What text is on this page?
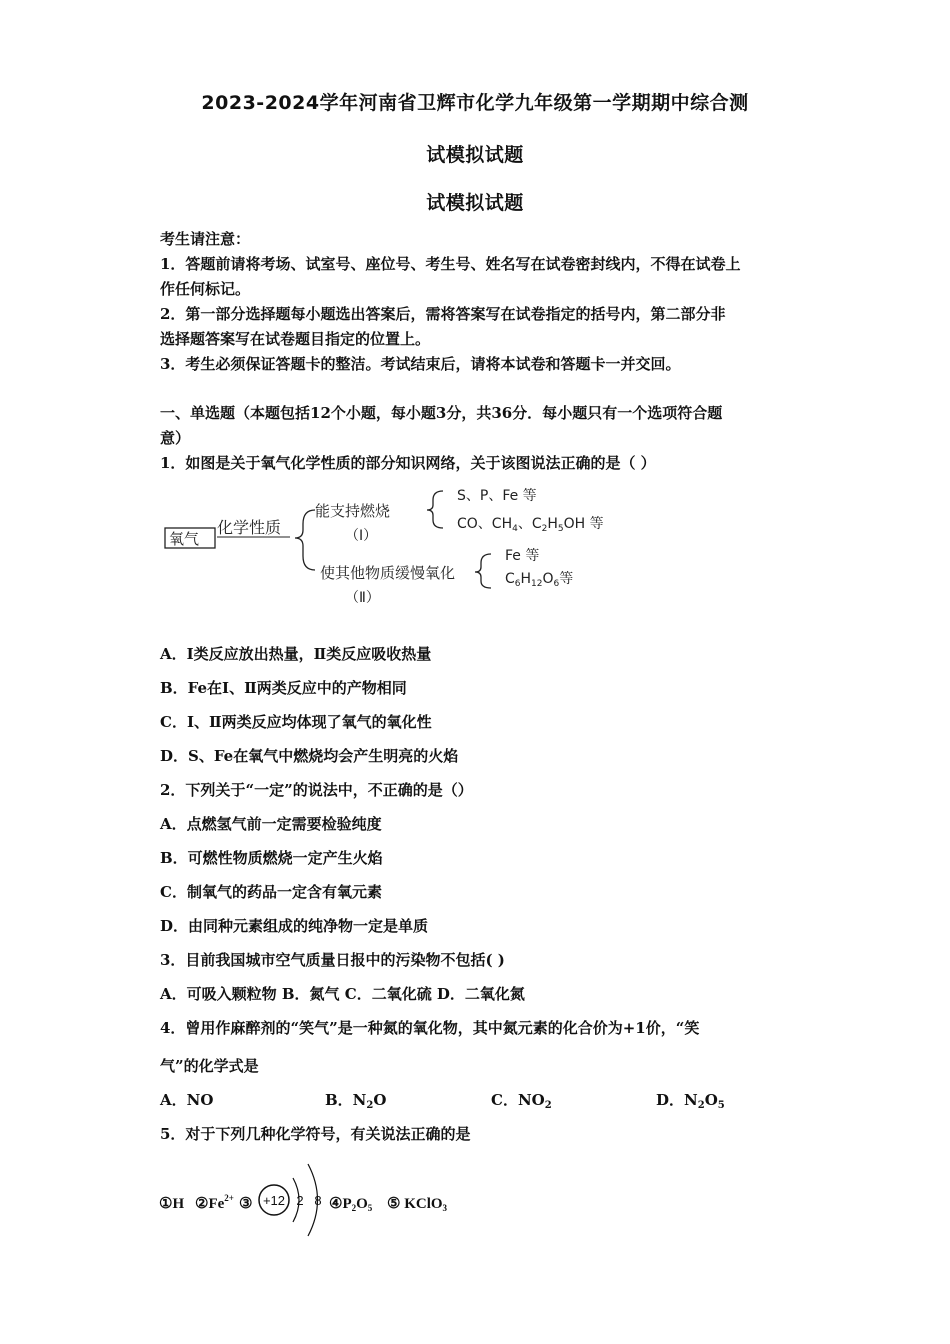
2023-2024学年河南省卫辉市化学九年级第一学期期中综合测
试模拟试题
试模拟试题
考生请注意：
1．答题前请将考场、试室号、座位号、考生号、姓名写在试卷密封线内，不得在试卷上
作任何标记。
2．第一部分选择题每小题选出答案后，需将答案写在试卷指定的括号内，第二部分非
选择题答案写在试卷题目指定的位置上。
3．考生必须保证答题卡的整洁。考试结束后，请将本试卷和答题卡一并交回。
一、单选题（本题包括12个小题，每小题3分，共36分．每小题只有一个选项符合题
意）
1．如图是关于氧气化学性质的部分知识网络，关于该图说法正确的是（ ）
氧气
化学性质
能支持燃烧
（Ⅰ）
S、P、Fe 等
CO、$CH_4$、$C_2H_5OH$ 等
使其他物质缓慢氧化
（Ⅱ）
Fe 等
$C_6H_{12}O_6$等
A．Ⅰ类反应放出热量，Ⅱ类反应吸收热量
B．Fe在Ⅰ、Ⅱ两类反应中的产物相同
C．Ⅰ、Ⅱ两类反应均体现了氧气的氧化性
D．S、Fe在氧气中燃烧均会产生明亮的火焰
2．下列关于“一定”的说法中，不正确的是（）
A．点燃氢气前一定需要检验纯度
B．可燃性物质燃烧一定产生火焰
C．制氧气的药品一定含有氧元素
D．由同种元素组成的纯净物一定是单质
3．目前我国城市空气质量日报中的污染物不包括( )
A．可吸入颗粒物 B．氮气 C．二氧化硫 D．二氧化氮
4．曾用作麻醉剂的“笑气”是一种氮的氧化物，其中氮元素的化合价为+1价，“笑
气”的化学式是
A．NO	B．$N_2O$	C．$NO_2$	D．$N_2O_5$
5．对于下列几种化学符号，有关说法正确的是
①H $②Fe^{2+}$ ③ +12 2 8 $④P_2O_5$ ⑤ KClO$_3$
